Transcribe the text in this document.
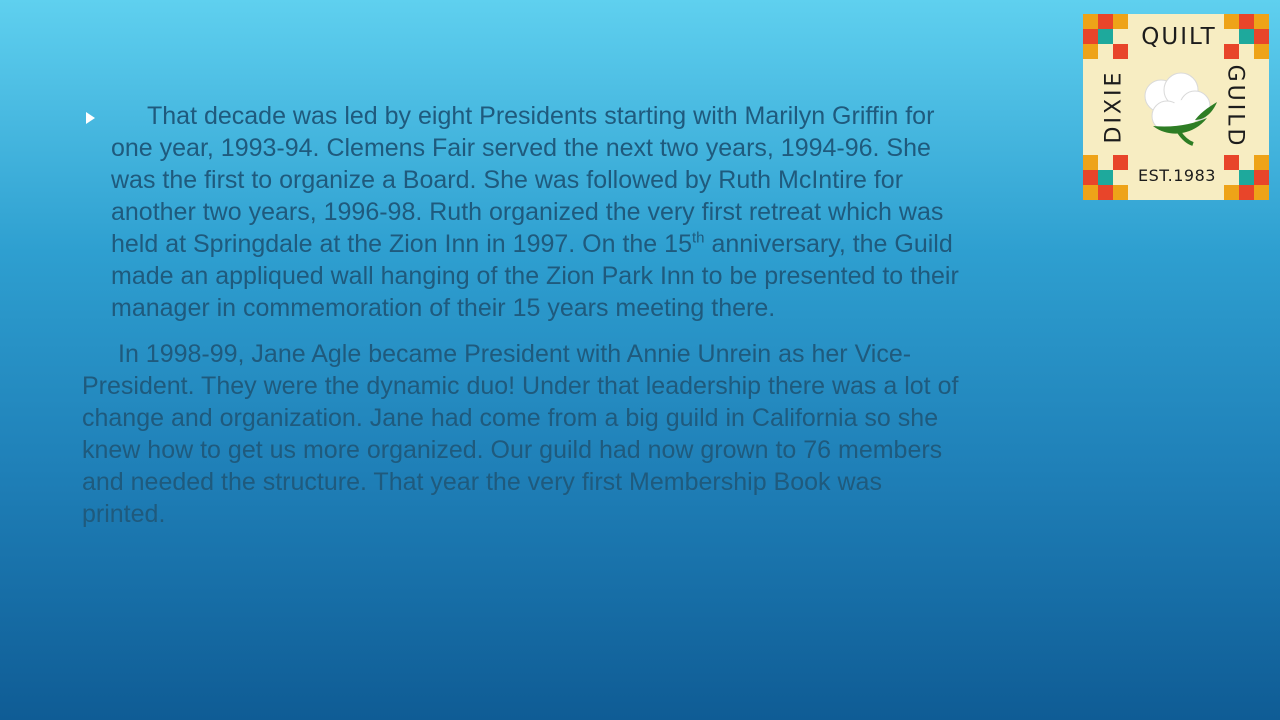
That decade was led by eight Presidents starting with Marilyn Griffin for one year, 1993-94. Clemens Fair served the next two years, 1994-96. She was the first to organize a Board. She was followed by Ruth McIntire for another two years, 1996-98. Ruth organized the very first retreat which was held at Springdale at the Zion Inn in 1997. On the 15th anniversary, the Guild made an appliqued wall hanging of the Zion Park Inn to be presented to their manager in commemoration of their 15 years meeting there.

In 1998-99, Jane Agle became President with Annie Unrein as her Vice-President. They were the dynamic duo! Under that leadership there was a lot of change and organization. Jane had come from a big guild in California so she knew how to get us more organized. Our guild had now grown to 76 members and needed the structure. That year the very first Membership Book was printed.

QUILT
DIXIE	GUILD
EST.1983
